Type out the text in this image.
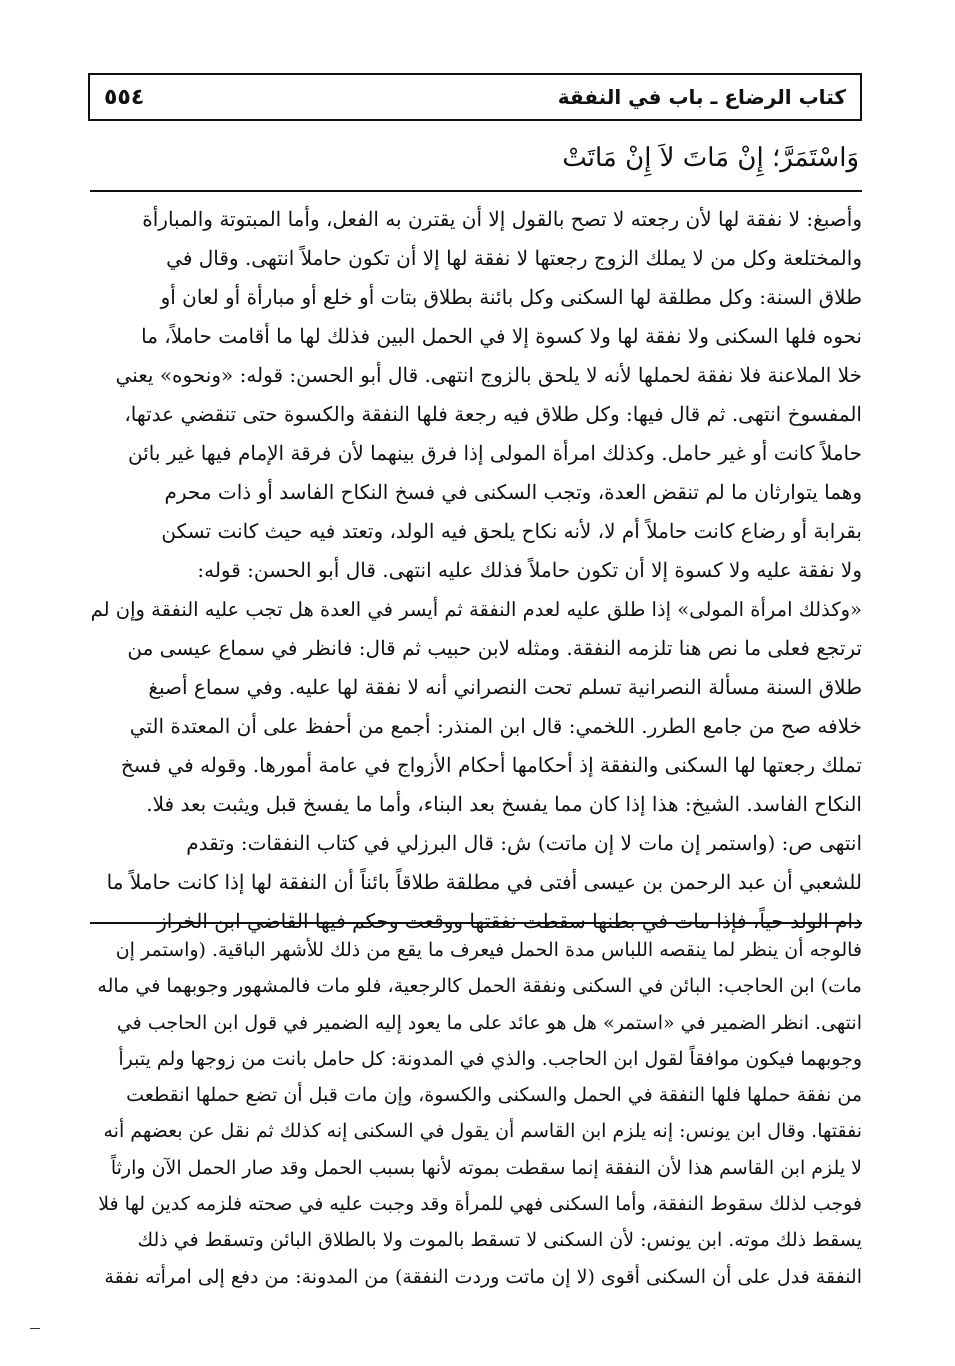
٥٥٤	كتاب الرضاع ـ باب في النفقة
وَاسْتَمَرَّ؛ إِنْ مَاتَ لاَ إِنْ مَاتَتْ
وأصبغ: لا نفقة لها لأن رجعته لا تصح بالقول إلا أن يقترن به الفعل، وأما المبتوتة والمبارأة
والمختلعة وكل من لا يملك الزوج رجعتها لا نفقة لها إلا أن تكون حاملاً انتهى. وقال في
طلاق السنة: وكل مطلقة لها السكنى وكل بائنة بطلاق بتات أو خلع أو مبارأة أو لعان أو
نحوه فلها السكنى ولا نفقة لها ولا كسوة إلا في الحمل البين فذلك لها ما أقامت حاملاً، ما
خلا الملاعنة فلا نفقة لحملها لأنه لا يلحق بالزوج انتهى. قال أبو الحسن: قوله: «ونحوه» يعني
المفسوخ انتهى. ثم قال فيها: وكل طلاق فيه رجعة فلها النفقة والكسوة حتى تنقضي عدتها،
حاملاً كانت أو غير حامل. وكذلك امرأة المولى إذا فرق بينهما لأن فرقة الإمام فيها غير بائن
وهما يتوارثان ما لم تنقض العدة، وتجب السكنى في فسخ النكاح الفاسد أو ذات محرم
بقرابة أو رضاع كانت حاملاً أم لا، لأنه نكاح يلحق فيه الولد، وتعتد فيه حيث كانت تسكن
ولا نفقة عليه ولا كسوة إلا أن تكون حاملاً فذلك عليه انتهى. قال أبو الحسن: قوله:
«وكذلك امرأة المولى» إذا طلق عليه لعدم النفقة ثم أيسر في العدة هل تجب عليه النفقة وإن لم
ترتجع فعلى ما نص هنا تلزمه النفقة. ومثله لابن حبيب ثم قال: فانظر في سماع عيسى من
طلاق السنة مسألة النصرانية تسلم تحت النصراني أنه لا نفقة لها عليه. وفي سماع أصبغ
خلافه صح من جامع الطرر. اللخمي: قال ابن المنذر: أجمع من أحفظ على أن المعتدة التي
تملك رجعتها لها السكنى والنفقة إذ أحكامها أحكام الأزواج في عامة أمورها. وقوله في فسخ
النكاح الفاسد. الشيخ: هذا إذا كان مما يفسخ بعد البناء، وأما ما يفسخ قبل ويثبت بعد فلا.
انتهى ص: (واستمر إن مات لا إن ماتت) ش: قال البرزلي في كتاب النفقات: وتقدم
للشعبي أن عبد الرحمن بن عيسى أفتى في مطلقة طلاقاً بائناً أن النفقة لها إذا كانت حاملاً ما
دام الولد حياً، فإذا مات في بطنها سقطت نفقتها ووقعت وحكم فيها القاضي ابن الخراز
فالوجه أن ينظر لما ينقصه اللباس مدة الحمل فيعرف ما يقع من ذلك للأشهر الباقية. (واستمر إن
مات) ابن الحاجب: البائن في السكنى ونفقة الحمل كالرجعية، فلو مات فالمشهور وجوبهما في ماله
انتهى. انظر الضمير في «استمر» هل هو عائد على ما يعود إليه الضمير في قول ابن الحاجب في
وجوبهما فيكون موافقاً لقول ابن الحاجب. والذي في المدونة: كل حامل بانت من زوجها ولم يتبرأ
من نفقة حملها فلها النفقة في الحمل والسكنى والكسوة، وإن مات قبل أن تضع حملها انقطعت
نفقتها. وقال ابن يونس: إنه يلزم ابن القاسم أن يقول في السكنى إنه كذلك ثم نقل عن بعضهم أنه
لا يلزم ابن القاسم هذا لأن النفقة إنما سقطت بموته لأنها بسبب الحمل وقد صار الحمل الآن وارثاً
فوجب لذلك سقوط النفقة، وأما السكنى فهي للمرأة وقد وجبت عليه في صحته فلزمه كدين لها فلا
يسقط ذلك موته. ابن يونس: لأن السكنى لا تسقط بالموت ولا بالطلاق البائن وتسقط في ذلك
النفقة فدل على أن السكنى أقوى (لا إن ماتت وردت النفقة) من المدونة: من دفع إلى امرأته نفقة
